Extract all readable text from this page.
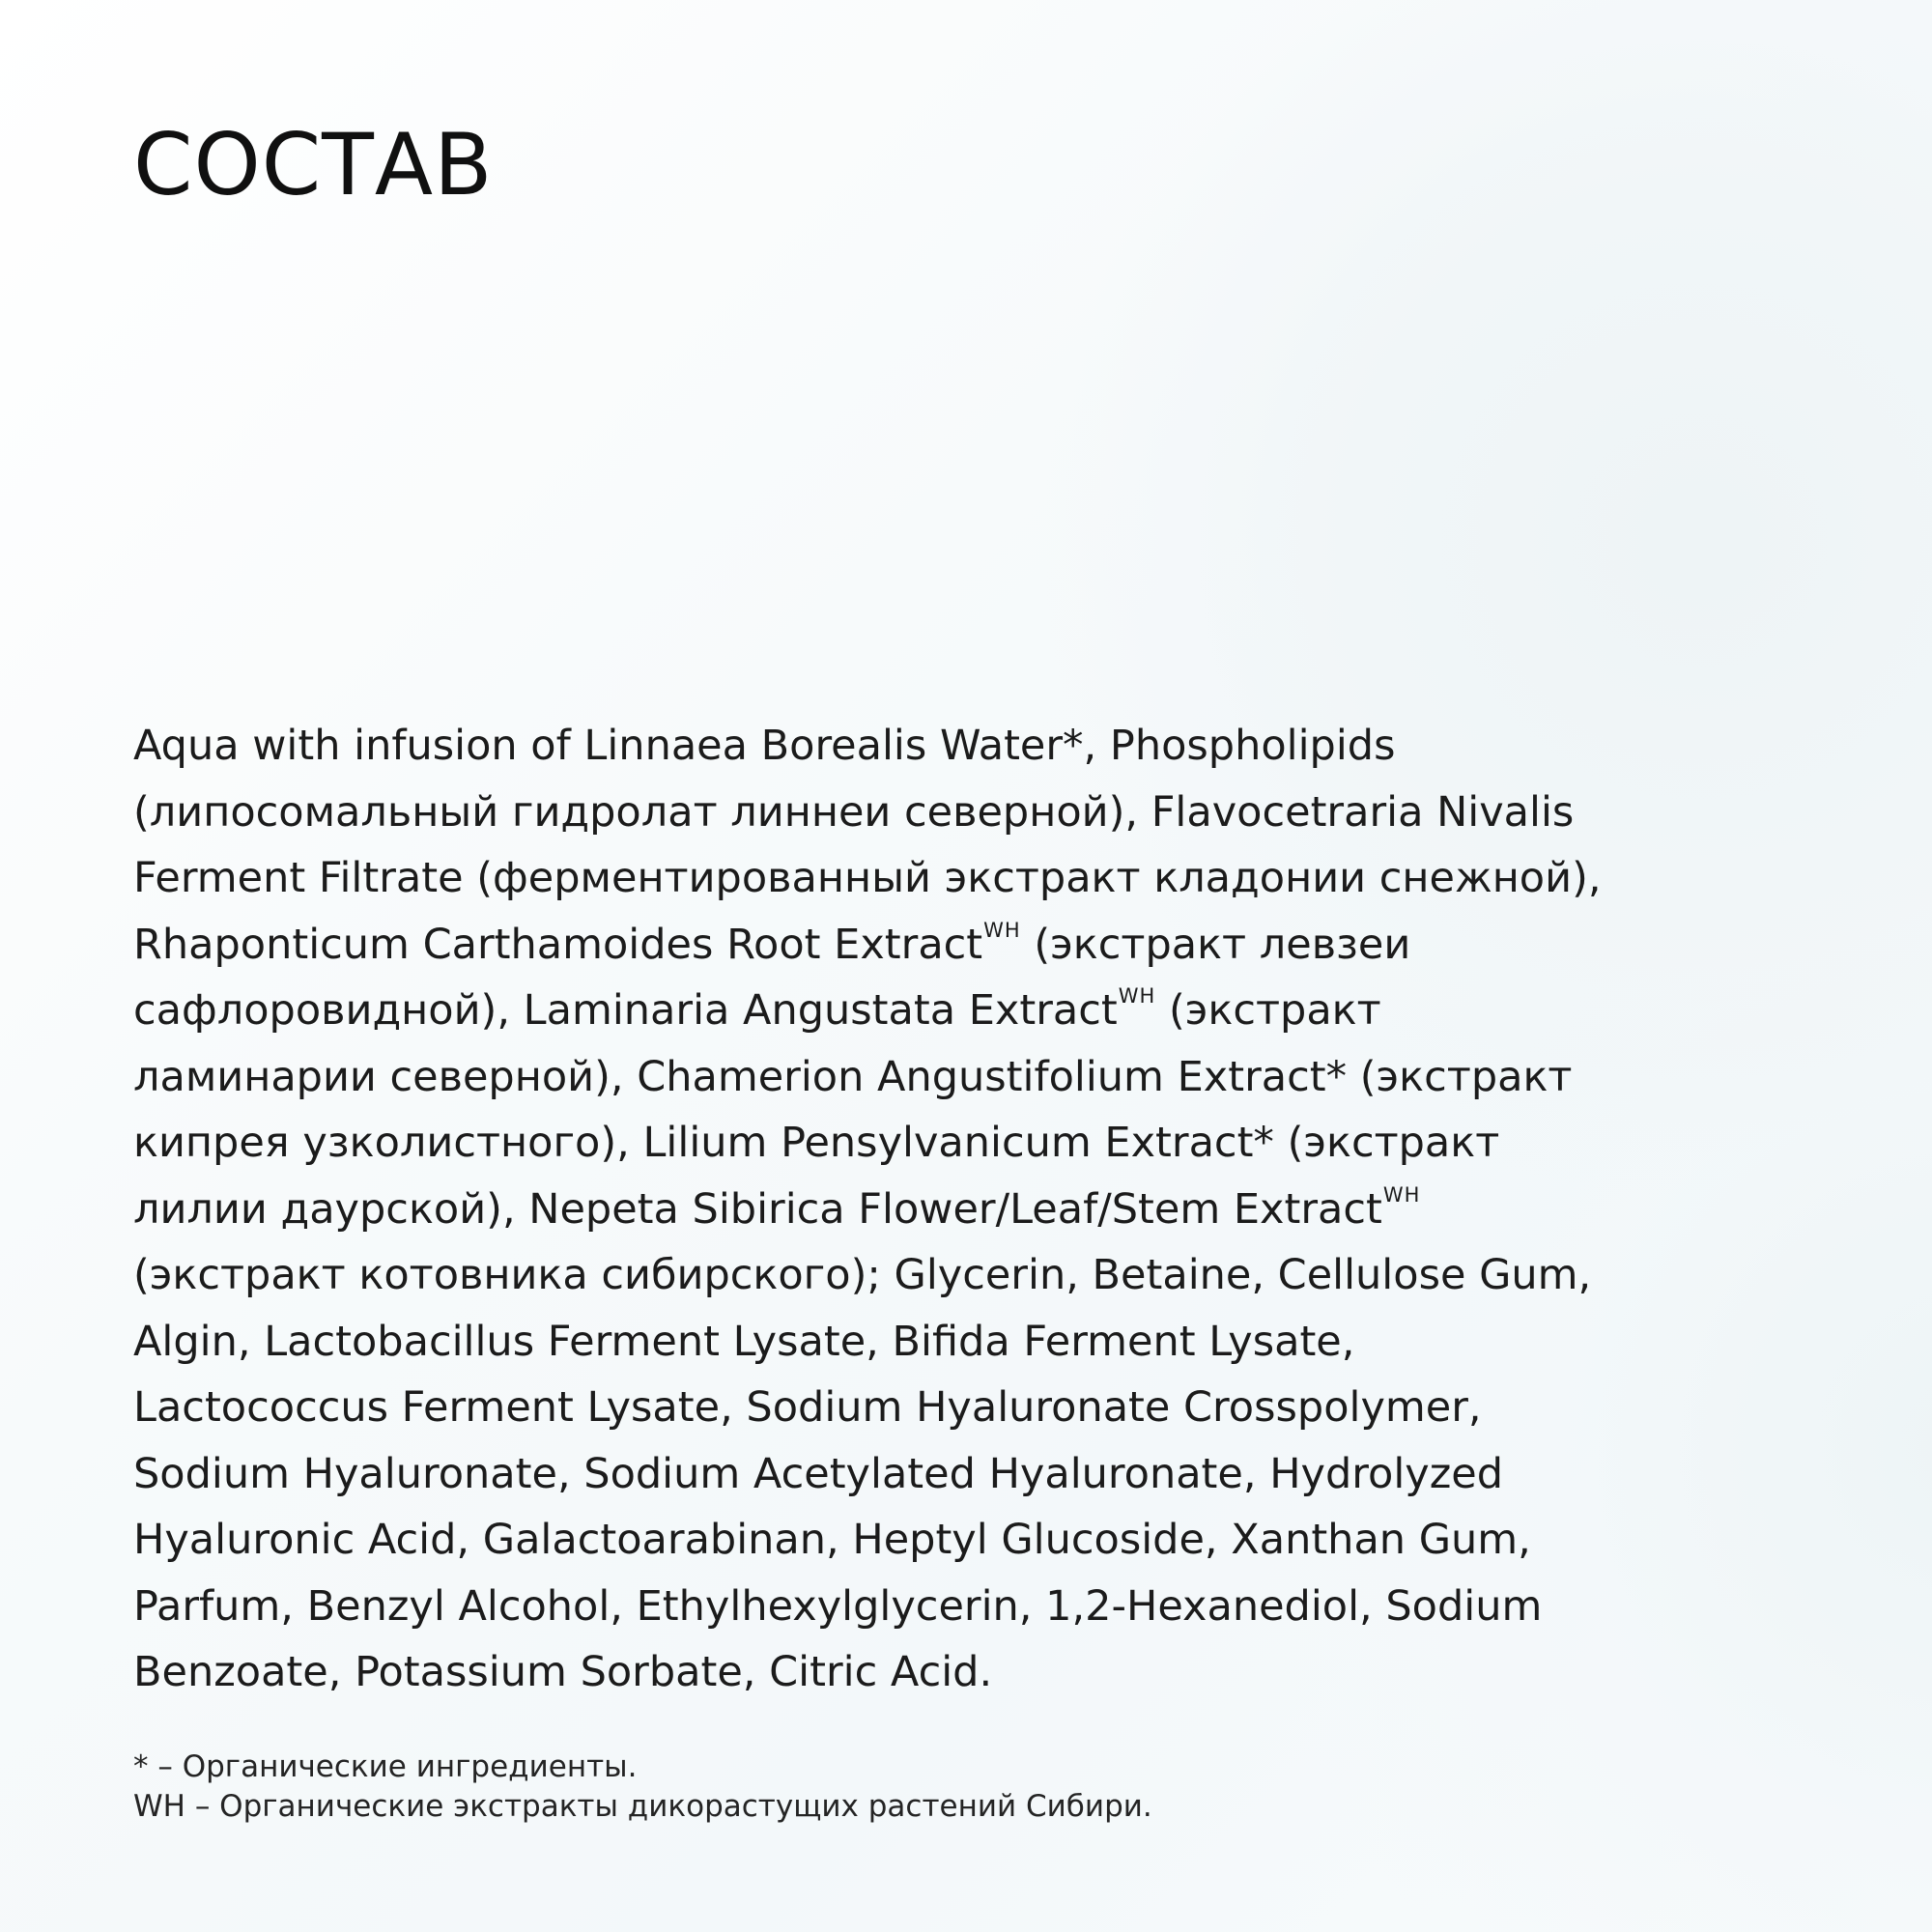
СОСТАВ
Aqua with infusion of Linnaea Borealis Water*, Phospholipids
(липосомальный гидролат линнеи северной), Flavocetraria Nivalis
Ferment Filtrate (ферментированный экстракт кладонии снежной),
Rhaponticum Carthamoides Root Extract$^{WH}$ (экстракт левзеи
сафлоровидной), Laminaria Angustata Extract$^{WH}$ (экстракт
ламинарии северной), Chamerion Angustifolium Extract* (экстракт
кипрея узколистного), Lilium Pensylvanicum Extract* (экстракт
лилии даурской), Nepeta Sibirica Flower/Leaf/Stem Extract$^{WH}$
(экстракт котовника сибирского); Glycerin, Betaine, Cellulose Gum,
Algin, Lactobacillus Ferment Lysate, Bifida Ferment Lysate,
Lactococcus Ferment Lysate, Sodium Hyaluronate Crosspolymer,
Sodium Hyaluronate, Sodium Acetylated Hyaluronate, Hydrolyzed
Hyaluronic Acid, Galactoarabinan, Heptyl Glucoside, Xanthan Gum,
Parfum, Benzyl Alcohol, Ethylhexylglycerin, 1,2-Hexanediol, Sodium
Benzoate, Potassium Sorbate, Citric Acid.
* – Органические ингредиенты.
WH – Органические экстракты дикорастущих растений Сибири.
